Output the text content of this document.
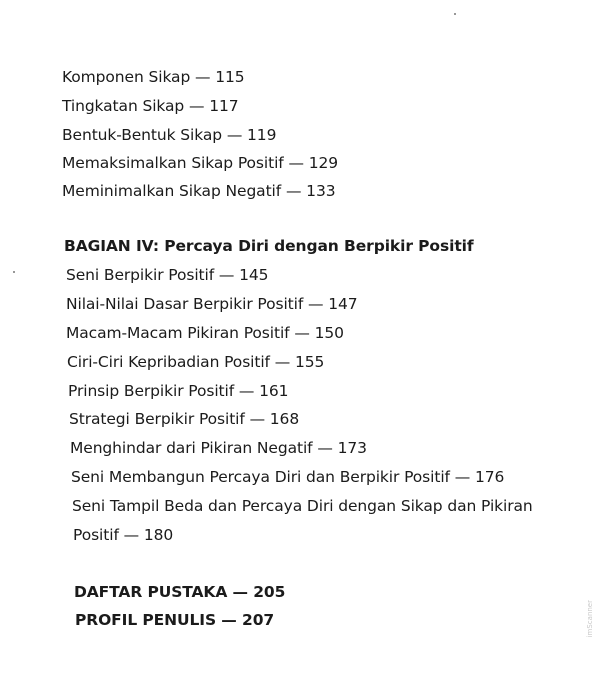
Komponen Sikap — 115
Tingkatan Sikap — 117
Bentuk-Bentuk Sikap — 119
Memaksimalkan Sikap Positif — 129
Meminimalkan Sikap Negatif — 133
BAGIAN IV: Percaya Diri dengan Berpikir Positif
Seni Berpikir Positif — 145
Nilai-Nilai Dasar Berpikir Positif — 147
Macam-Macam Pikiran Positif — 150
Ciri-Ciri Kepribadian Positif — 155
Prinsip Berpikir Positif — 161
Strategi Berpikir Positif — 168
Menghindar dari Pikiran Negatif — 173
Seni Membangun Percaya Diri dan Berpikir Positif — 176
Seni Tampil Beda dan Percaya Diri dengan Sikap dan Pikiran
Positif — 180
DAFTAR PUSTAKA — 205
PROFIL PENULIS — 207	imScanner
